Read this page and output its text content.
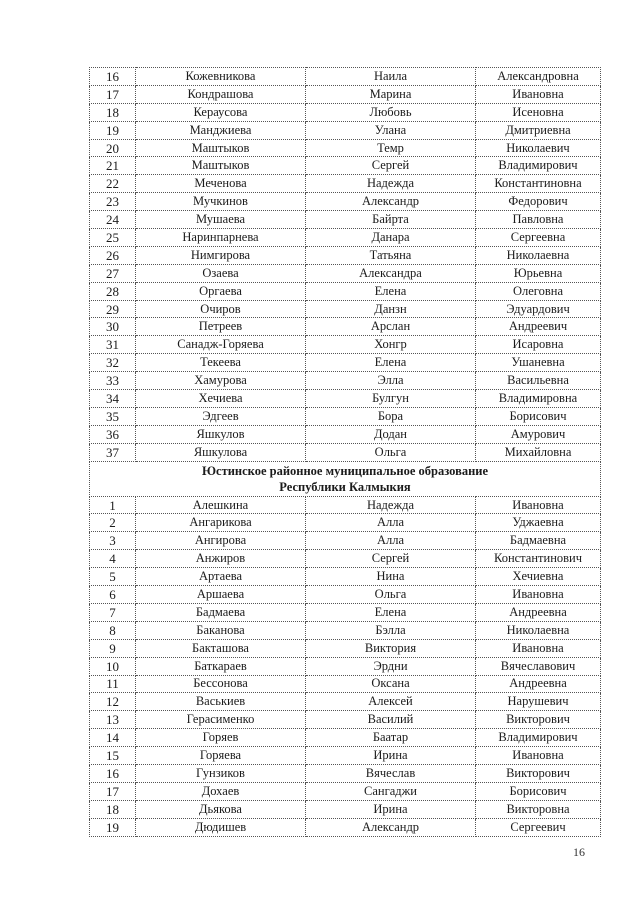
16	Кожевникова	Наила	Александровна
17	Кондрашова	Марина	Ивановна
18	Кераусова	Любовь	Исеновна
19	Манджиева	Улана	Дмитриевна
20	Маштыков	Темр	Николаевич
21	Маштыков	Сергей	Владимирович
22	Меченова	Надежда	Константиновна
23	Мучкинов	Александр	Федорович
24	Мушаева	Байрта	Павловна
25	Наринпарнева	Данара	Сергеевна
26	Нимгирова	Татьяна	Николаевна
27	Озаева	Александра	Юрьевна
28	Оргаева	Елена	Олеговна
29	Очиров	Данзн	Эдуардович
30	Петреев	Арслан	Андреевич
31	Санадж-Горяева	Хонгр	Исаровна
32	Текеева	Елена	Ушаневна
33	Хамурова	Элла	Васильевна
34	Хечиева	Булгун	Владимировна
35	Эдгеев	Бора	Борисович
36	Яшкулов	Додан	Амурович
37	Яшкулова	Ольга	Михайловна

Юстинское районное муниципальное образование
Республики Калмыкия			

1	Алешкина	Надежда	Ивановна
2	Ангарикова	Алла	Уджаевна
3	Ангирова	Алла	Бадмаевна
4	Анжиров	Сергей	Константинович
5	Артаева	Нина	Хечиевна
6	Аршаева	Ольга	Ивановна
7	Бадмаева	Елена	Андреевна
8	Баканова	Бэлла	Николаевна
9	Бакташова	Виктория	Ивановна
10	Баткараев	Эрдни	Вячеславович
11	Бессонова	Оксана	Андреевна
12	Васькиев	Алексей	Нарушевич
13	Герасименко	Василий	Викторович
14	Горяев	Баатар	Владимирович
15	Горяева	Ирина	Ивановна
16	Гунзиков	Вячеслав	Викторович
17	Дохаев	Сангаджи	Борисович
18	Дьякова	Ирина	Викторовна
19	Дюдишев	Александр	Сергеевич
16
